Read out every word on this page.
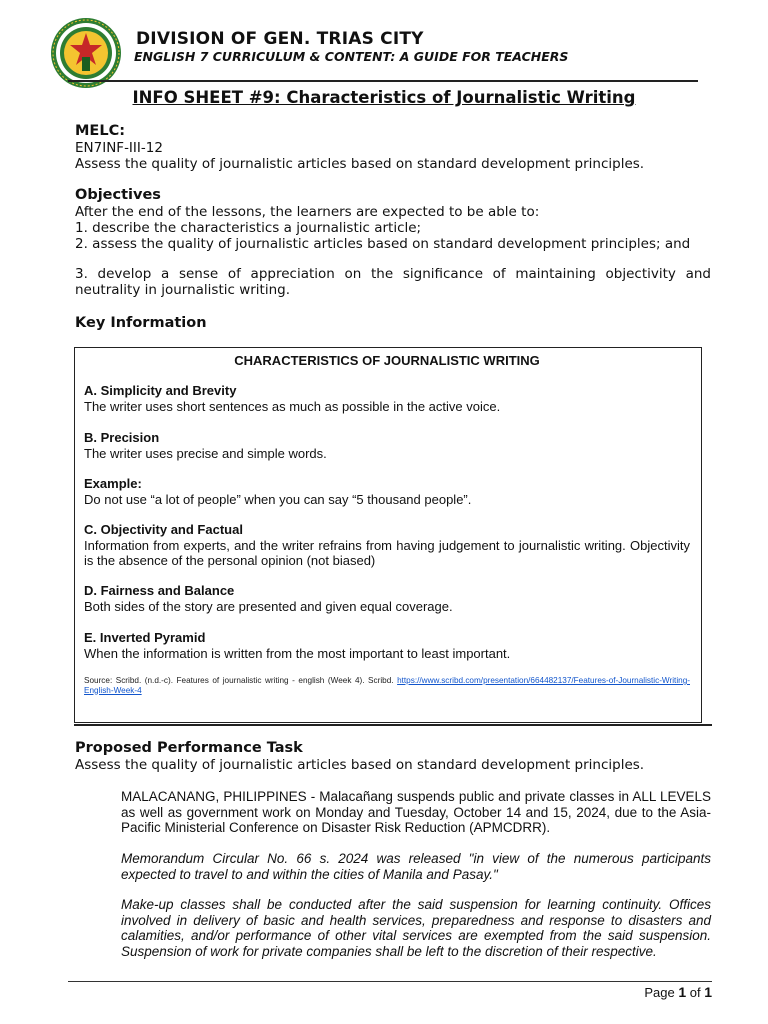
DIVISION OF GEN. TRIAS CITY
ENGLISH 7 CURRICULUM & CONTENT: A GUIDE FOR TEACHERS
INFO SHEET #9: Characteristics of Journalistic Writing
MELC:
EN7INF-III-12
Assess the quality of journalistic articles based on standard development principles.
Objectives
After the end of the lessons, the learners are expected to be able to:
1. describe the characteristics a journalistic article;
2. assess the quality of journalistic articles based on standard development principles; and
3. develop a sense of appreciation on the significance of maintaining objectivity and neutrality in journalistic writing.
Key Information
CHARACTERISTICS OF JOURNALISTIC WRITING
A. Simplicity and Brevity
The writer uses short sentences as much as possible in the active voice.
B. Precision
The writer uses precise and simple words.
Example:
Do not use “a lot of people” when you can say “5 thousand people”.
C. Objectivity and Factual
Information from experts, and the writer refrains from having judgement to journalistic writing. Objectivity is the absence of the personal opinion (not biased)
D. Fairness and Balance
Both sides of the story are presented and given equal coverage.
E. Inverted Pyramid
When the information is written from the most important to least important.
Source: Scribd. (n.d.-c). Features of journalistic writing - english (Week 4). Scribd. https://www.scribd.com/presentation/664482137/Features-of-Journalistic-Writing-English-Week-4
Proposed Performance Task
Assess the quality of journalistic articles based on standard development principles.
MALACANANG, PHILIPPINES - Malacañang suspends public and private classes in ALL LEVELS as well as government work on Monday and Tuesday, October 14 and 15, 2024, due to the Asia-Pacific Ministerial Conference on Disaster Risk Reduction (APMCDRR).
Memorandum Circular No. 66 s. 2024 was released "in view of the numerous participants expected to travel to and within the cities of Manila and Pasay."
Make-up classes shall be conducted after the said suspension for learning continuity. Offices involved in delivery of basic and health services, preparedness and response to disasters and calamities, and/or performance of other vital services are exempted from the said suspension. Suspension of work for private companies shall be left to the discretion of their respective.
Page 1 of 1
